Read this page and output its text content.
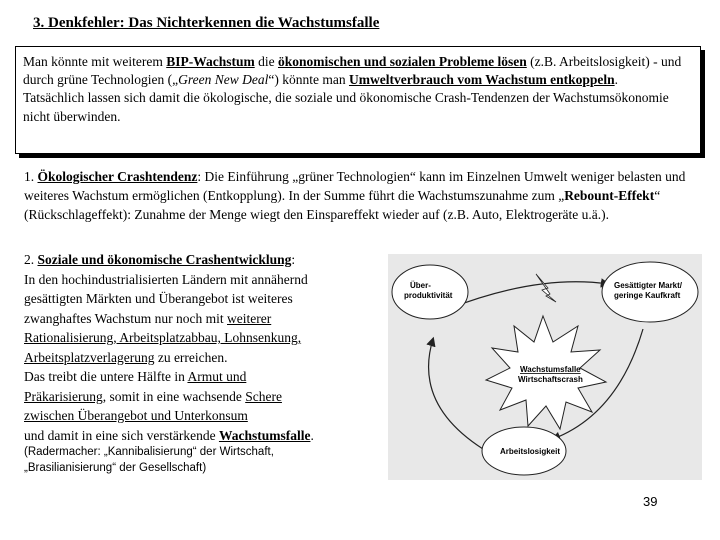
3. Denkfehler: Das Nichterkennen die Wachstumsfalle

Man könnte mit weiterem BIP-Wachstum die ökonomischen und sozialen Probleme lösen (z.B. Arbeitslosigkeit) - und durch grüne Technologien („Green New Deal“) könnte man Umweltverbrauch vom Wachstum entkoppeln.

Tatsächlich lassen sich damit die ökologische, die soziale und ökonomische Crash-Tendenzen der Wachstumsökonomie nicht überwinden.

1. Ökologischer Crashtendenz: Die Einführung „grüner Technologien“ kann im Einzelnen Umwelt weniger belasten und weiteres Wachstum ermöglichen (Entkopplung). In der Summe führt die Wachstumszunahme zum „Rebount-Effekt“ (Rückschlageffekt): Zunahme der Menge wiegt den Einspareffekt wieder auf (z.B. Auto, Elektrogeräte u.ä.).
2. Soziale und ökonomische Crashentwicklung:
In den hochindustrialisierten Ländern mit annähernd
gesättigten Märkten und Überangebot ist weiteres
zwanghaftes Wachstum nur noch mit weiterer
Rationalisierung, Arbeitsplatzabbau, Lohnsenkung,
Arbeitsplatzverlagerung zu erreichen.
Das treibt die untere Hälfte in Armut und
Präkarisierung, somit in eine wachsende Schere
zwischen Überangebot und Unterkonsum
und damit in eine sich verstärkende Wachstumsfalle.
(Radermacher: „Kannibalisierung“ der Wirtschaft,
„Brasilianisierung“ der Gesellschaft)
Über-
produktivität
Gesättigter Markt/
geringe Kaufkraft
Wachstumsfalle
Wirtschaftscrash
Arbeitslosigkeit
39
